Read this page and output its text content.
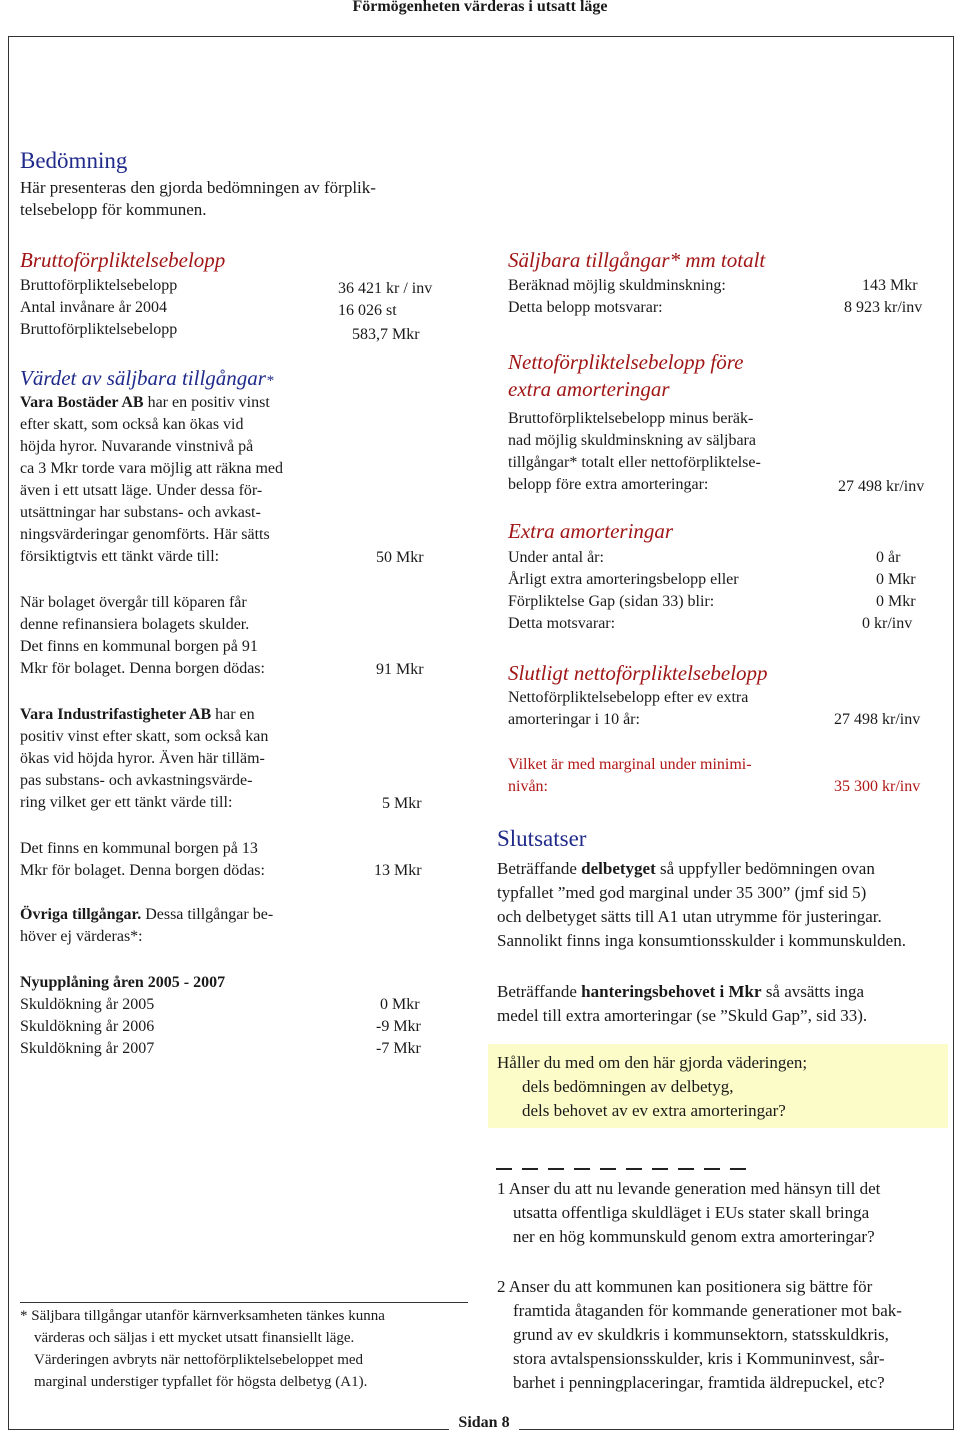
Förmögenheten värderas i utsatt läge
Bedömning
Här presenteras den gjorda bedömningen av förplik-
telsebelopp för kommunen.
Bruttoförpliktelsebelopp
Bruttoförpliktelsebelopp	36 421 kr / inv
Antal invånare år 2004	16 026 st
Bruttoförpliktelsebelopp	583,7 Mkr
Värdet av säljbara tillgångar*
Vara Bostäder AB har en positiv vinst
efter skatt, som också kan ökas vid
höjda hyror. Nuvarande vinstnivå på
ca 3 Mkr torde vara möjlig att räkna med
även i ett utsatt läge. Under dessa för-
utsättningar har substans- och avkast-
ningsvärderingar genomförts. Här sätts
försiktigtvis ett tänkt värde till:	50 Mkr
När bolaget övergår till köparen får
denne refinansiera bolagets skulder.
Det finns en kommunal borgen på 91
Mkr för bolaget. Denna borgen dödas:	91 Mkr
Vara Industrifastigheter AB har en
positiv vinst efter skatt, som också kan
ökas vid höjda hyror. Även här tilläm-
pas substans- och avkastningsvärde-
ring vilket ger ett tänkt värde till:	5 Mkr
Det finns en kommunal borgen på 13
Mkr för bolaget. Denna borgen dödas:	13 Mkr
Övriga tillgångar. Dessa tillgångar be-
höver ej värderas*:
Nyupplåning åren 2005 - 2007
Skuldökning år 2005	0 Mkr
Skuldökning år 2006	-9 Mkr
Skuldökning år 2007	-7 Mkr
* Säljbara tillgångar utanför kärnverksamheten tänkes kunna
värderas och säljas i ett mycket utsatt finansiellt läge.
Värderingen avbryts när nettoförpliktelsebeloppet med
marginal understiger typfallet för högsta delbetyg (A1).
Säljbara tillgångar* mm totalt
Beräknad möjlig skuldminskning:	143 Mkr
Detta belopp motsvarar:	8 923 kr/inv
Nettoförpliktelsebelopp före
extra amorteringar
Bruttoförpliktelsebelopp minus beräk-
nad möjlig skuldminskning av säljbara
tillgångar* totalt eller nettoförpliktelse-
belopp före extra amorteringar:	27 498 kr/inv
Extra amorteringar
Under antal år:	0 år
Årligt extra amorteringsbelopp eller	0 Mkr
Förpliktelse Gap (sidan 33) blir:	0 Mkr
Detta motsvarar:	0 kr/inv
Slutligt nettoförpliktelsebelopp
Nettoförpliktelsebelopp efter ev extra
amorteringar i 10 år:	27 498 kr/inv
Vilket är med marginal under minimi-
nivån:	35 300 kr/inv
Slutsatser
Beträffande delbetyget så uppfyller bedömningen ovan
typfallet ”med god marginal under 35 300” (jmf sid 5)
och delbetyget sätts till A1 utan utrymme för justeringar.
Sannolikt finns inga konsumtionsskulder i kommunskulden.
Beträffande hanteringsbehovet i Mkr så avsätts inga
medel till extra amorteringar (se ”Skuld Gap”, sid 33).
Håller du med om den här gjorda väderingen;
dels bedömningen av delbetyg,
dels behovet av ev extra amorteringar?
1 Anser du att nu levande generation med hänsyn till det
utsatta offentliga skuldläget i EUs stater skall bringa
ner en hög kommunskuld genom extra amorteringar?
2 Anser du att kommunen kan positionera sig bättre för
framtida åtaganden för kommande generationer mot bak-
grund av ev skuldkris i kommunsektorn, statsskuldkris,
stora avtalspensionsskulder, kris i Kommuninvest, sår-
barhet i penningplaceringar, framtida äldrepuckel, etc?
Sidan 8
